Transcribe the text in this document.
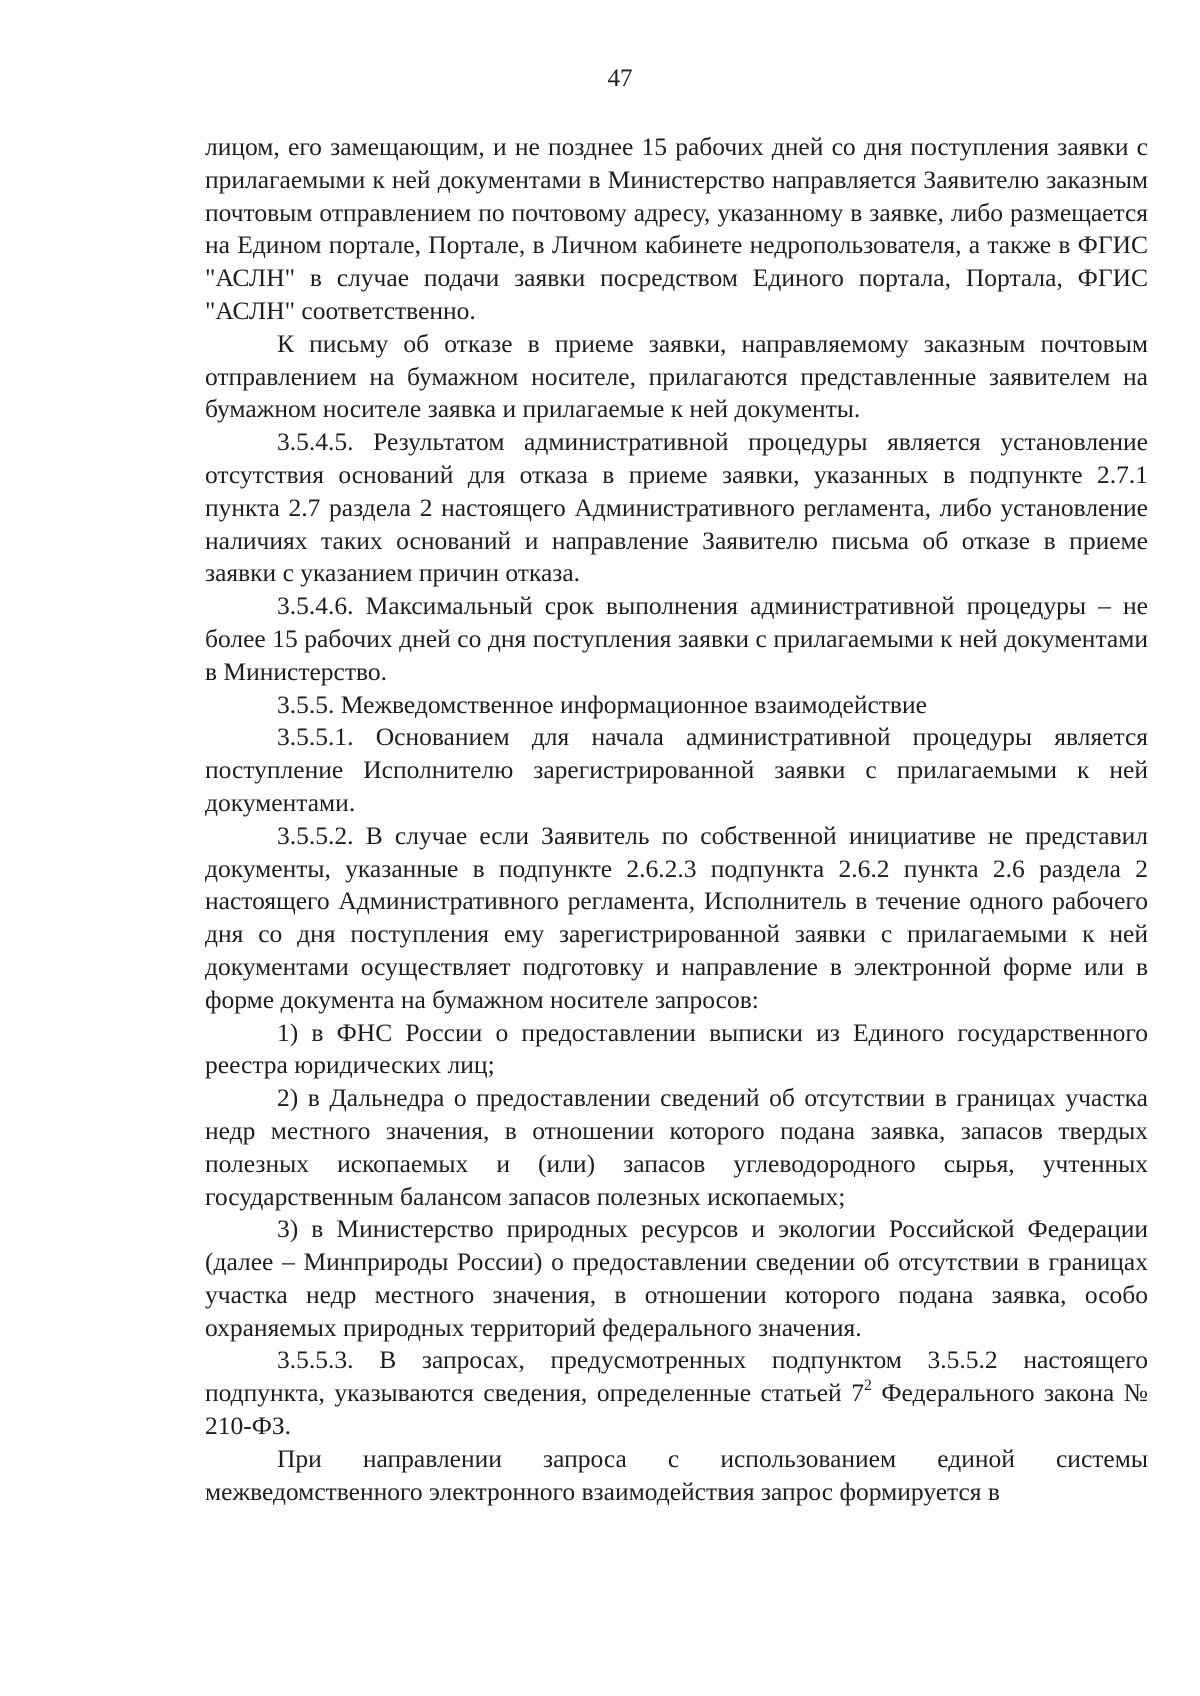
47

лицом, его замещающим, и не позднее 15 рабочих дней со дня поступления заявки с прилагаемыми к ней документами в Министерство направляется Заявителю заказным почтовым отправлением по почтовому адресу, указанному в заявке, либо размещается на Едином портале, Портале, в Личном кабинете недропользователя, а также в ФГИС "АСЛН" в случае подачи заявки посредством Единого портала, Портала, ФГИС "АСЛН" соответственно.

К письму об отказе в приеме заявки, направляемому заказным почтовым отправлением на бумажном носителе, прилагаются представленные заявителем на бумажном носителе заявка и прилагаемые к ней документы.

3.5.4.5. Результатом административной процедуры является установление отсутствия оснований для отказа в приеме заявки, указанных в подпункте 2.7.1 пункта 2.7 раздела 2 настоящего Административного регламента, либо установление наличиях таких оснований и направление Заявителю письма об отказе в приеме заявки с указанием причин отказа.

3.5.4.6. Максимальный срок выполнения административной процедуры – не более 15 рабочих дней со дня поступления заявки с прилагаемыми к ней документами в Министерство.

3.5.5. Межведомственное информационное взаимодействие

3.5.5.1. Основанием для начала административной процедуры является поступление Исполнителю зарегистрированной заявки с прилагаемыми к ней документами.

3.5.5.2. В случае если Заявитель по собственной инициативе не представил документы, указанные в подпункте 2.6.2.3 подпункта 2.6.2 пункта 2.6 раздела 2 настоящего Административного регламента, Исполнитель в течение одного рабочего дня со дня поступления ему зарегистрированной заявки с прилагаемыми к ней документами осуществляет подготовку и направление в электронной форме или в форме документа на бумажном носителе запросов:

1) в ФНС России о предоставлении выписки из Единого государственного реестра юридических лиц;

2) в Дальнедра о предоставлении сведений об отсутствии в границах участка недр местного значения, в отношении которого подана заявка, запасов твердых полезных ископаемых и (или) запасов углеводородного сырья, учтенных государственным балансом запасов полезных ископаемых;

3) в Министерство природных ресурсов и экологии Российской Федерации (далее – Минприроды России) о предоставлении сведении об отсутствии в границах участка недр местного значения, в отношении которого подана заявка, особо охраняемых природных территорий федерального значения.

3.5.5.3. В запросах, предусмотренных подпунктом 3.5.5.2 настоящего подпункта, указываются сведения, определенные статьей $7^2$ Федерального закона № 210-ФЗ.

При направлении запроса с использованием единой системы межведомственного электронного взаимодействия запрос формируется в
